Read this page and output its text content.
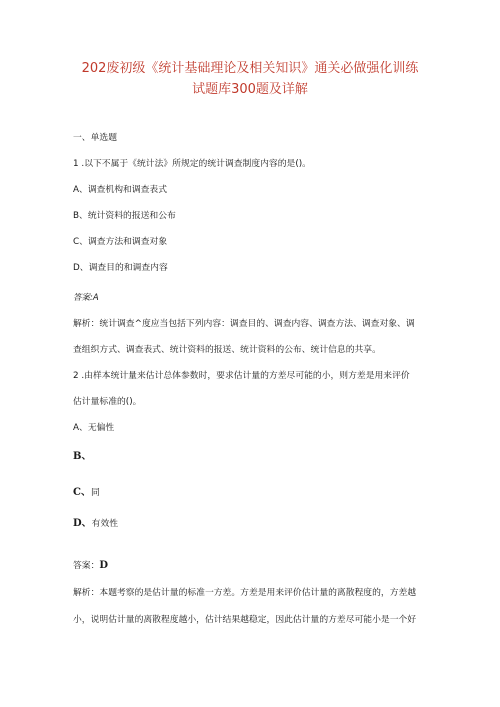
202废初级《统计基础理论及相关知识》通关必做强化训练
试题库300题及详解
一、单选题
1 .以下不属于《统计法》所规定的统计调查制度内容的是()。
A、调查机构和调查表式
B、统计资料的报送和公布
C、调查方法和调查对象
D、调查目的和调查内容
答案:A
解析：统计调查^度应当包括下列内容：调查目的、调查内容、调查方法、调查对象、调
查组织方式、调查表式、统计资料的报送、统计资料的公布、统计信息的共享。
2 .由样本统计量来估计总体参数时，要求估计量的方差尽可能的小，则方差是用来评价
估计量标准的()。
A、无偏性
B、
C、同
D、有效性
答案：D
解析：本题考察的是估计量的标准一方差。方差是用来评价估计量的离散程度的，方差越
小，说明估计量的离散程度越小，估计结果越稳定，因此估计量的方差尽可能小是一个好
